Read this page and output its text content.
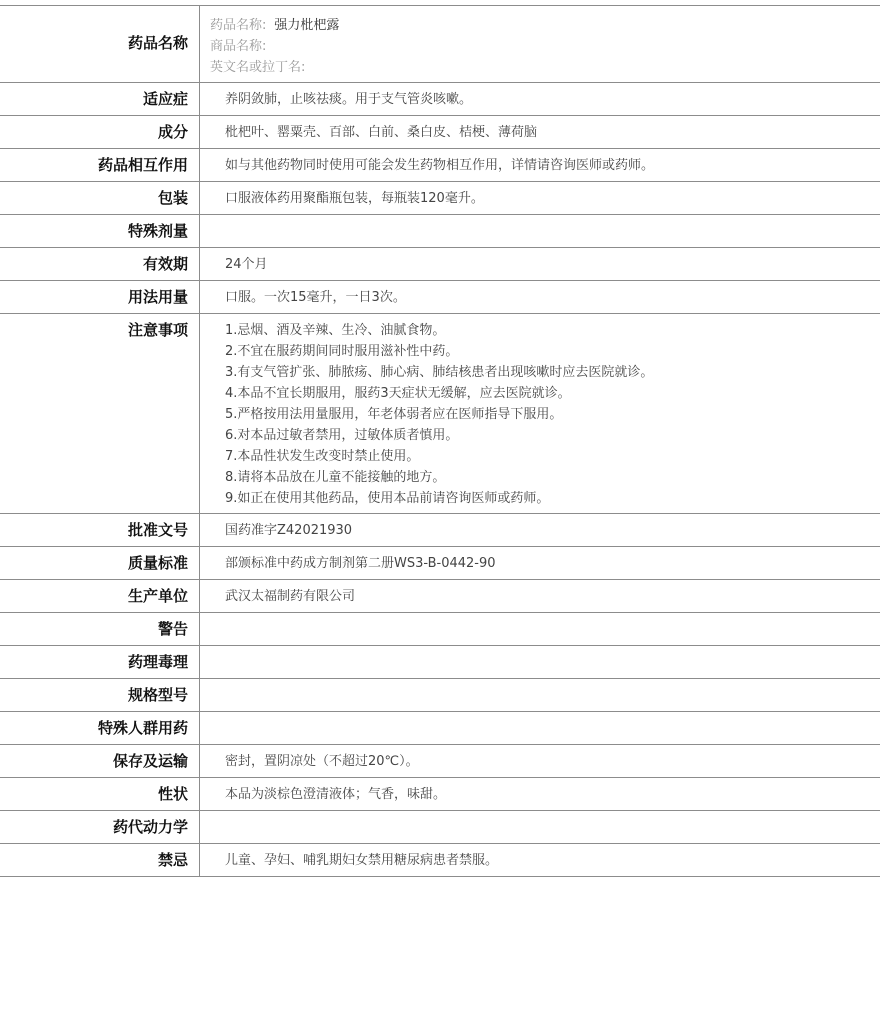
药品名称
药品名称: 强力枇杷露
商品名称:
英文名或拉丁名:
适应症	养阴敛肺，止咳祛痰。用于支气管炎咳嗽。
成分	枇杷叶、罂粟壳、百部、白前、桑白皮、桔梗、薄荷脑
药品相互作用	如与其他药物同时使用可能会发生药物相互作用，详情请咨询医师或药师。
包装	口服液体药用聚酯瓶包装，每瓶装120毫升。
特殊剂量
有效期	24个月
用法用量	口服。一次15毫升，一日3次。
注意事项	1.忌烟、酒及辛辣、生冷、油腻食物。
2.不宜在服药期间同时服用滋补性中药。
3.有支气管扩张、肺脓疡、肺心病、肺结核患者出现咳嗽时应去医院就诊。
4.本品不宜长期服用，服药3天症状无缓解，应去医院就诊。
5.严格按用法用量服用，年老体弱者应在医师指导下服用。
6.对本品过敏者禁用，过敏体质者慎用。
7.本品性状发生改变时禁止使用。
8.请将本品放在儿童不能接触的地方。
9.如正在使用其他药品，使用本品前请咨询医师或药师。
批准文号	国药准字Z42021930
质量标准	部颁标准中药成方制剂第二册WS3-B-0442-90
生产单位	武汉太福制药有限公司
警告
药理毒理
规格型号
特殊人群用药
保存及运输	密封，置阴凉处（不超过20℃）。
性状	本品为淡棕色澄清液体；气香，味甜。
药代动力学
禁忌	儿童、孕妇、哺乳期妇女禁用糖尿病患者禁服。
